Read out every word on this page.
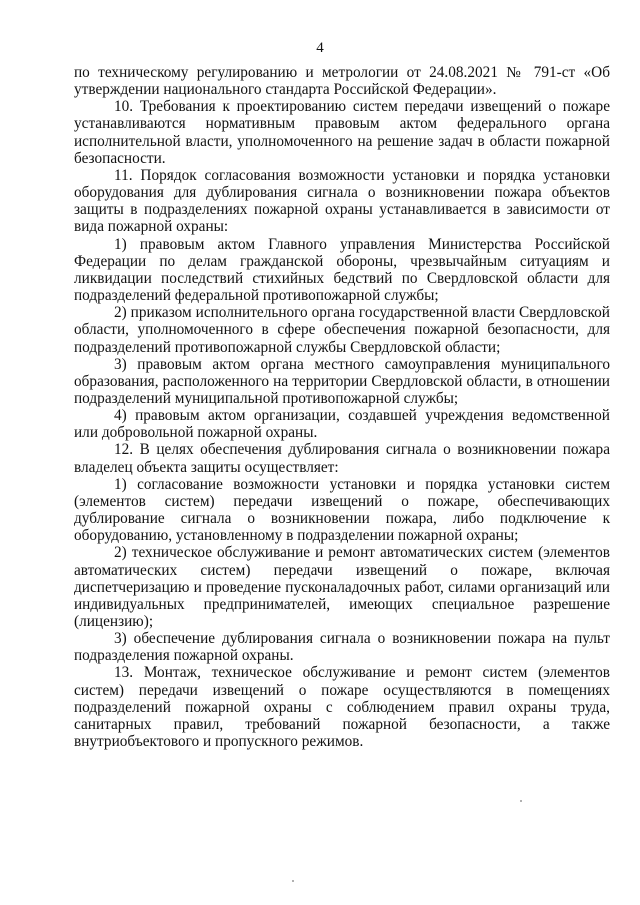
4

по техническому регулированию и метрологии от 24.08.2021 № 791-ст «Об утверждении национального стандарта Российской Федерации».

10. Требования к проектированию систем передачи извещений о пожаре устанавливаются нормативным правовым актом федерального органа исполнительной власти, уполномоченного на решение задач в области пожарной безопасности.

11. Порядок согласования возможности установки и порядка установки оборудования для дублирования сигнала о возникновении пожара объектов защиты в подразделениях пожарной охраны устанавливается в зависимости от вида пожарной охраны:

1) правовым актом Главного управления Министерства Российской Федерации по делам гражданской обороны, чрезвычайным ситуациям и ликвидации последствий стихийных бедствий по Свердловской области для подразделений федеральной противопожарной службы;

2) приказом исполнительного органа государственной власти Свердловской области, уполномоченного в сфере обеспечения пожарной безопасности, для подразделений противопожарной службы Свердловской области;

3) правовым актом органа местного самоуправления муниципального образования, расположенного на территории Свердловской области, в отношении подразделений муниципальной противопожарной службы;

4) правовым актом организации, создавшей учреждения ведомственной или добровольной пожарной охраны.

12. В целях обеспечения дублирования сигнала о возникновении пожара владелец объекта защиты осуществляет:

1) согласование возможности установки и порядка установки систем (элементов систем) передачи извещений о пожаре, обеспечивающих дублирование сигнала о возникновении пожара, либо подключение к оборудованию, установленному в подразделении пожарной охраны;

2) техническое обслуживание и ремонт автоматических систем (элементов автоматических систем) передачи извещений о пожаре, включая диспетчеризацию и проведение пусконаладочных работ, силами организаций или индивидуальных предпринимателей, имеющих специальное разрешение (лицензию);

3) обеспечение дублирования сигнала о возникновении пожара на пульт подразделения пожарной охраны.

13. Монтаж, техническое обслуживание и ремонт систем (элементов систем) передачи извещений о пожаре осуществляются в помещениях подразделений пожарной охраны с соблюдением правил охраны труда, санитарных правил, требований пожарной безопасности, а также внутриобъектового и пропускного режимов.
